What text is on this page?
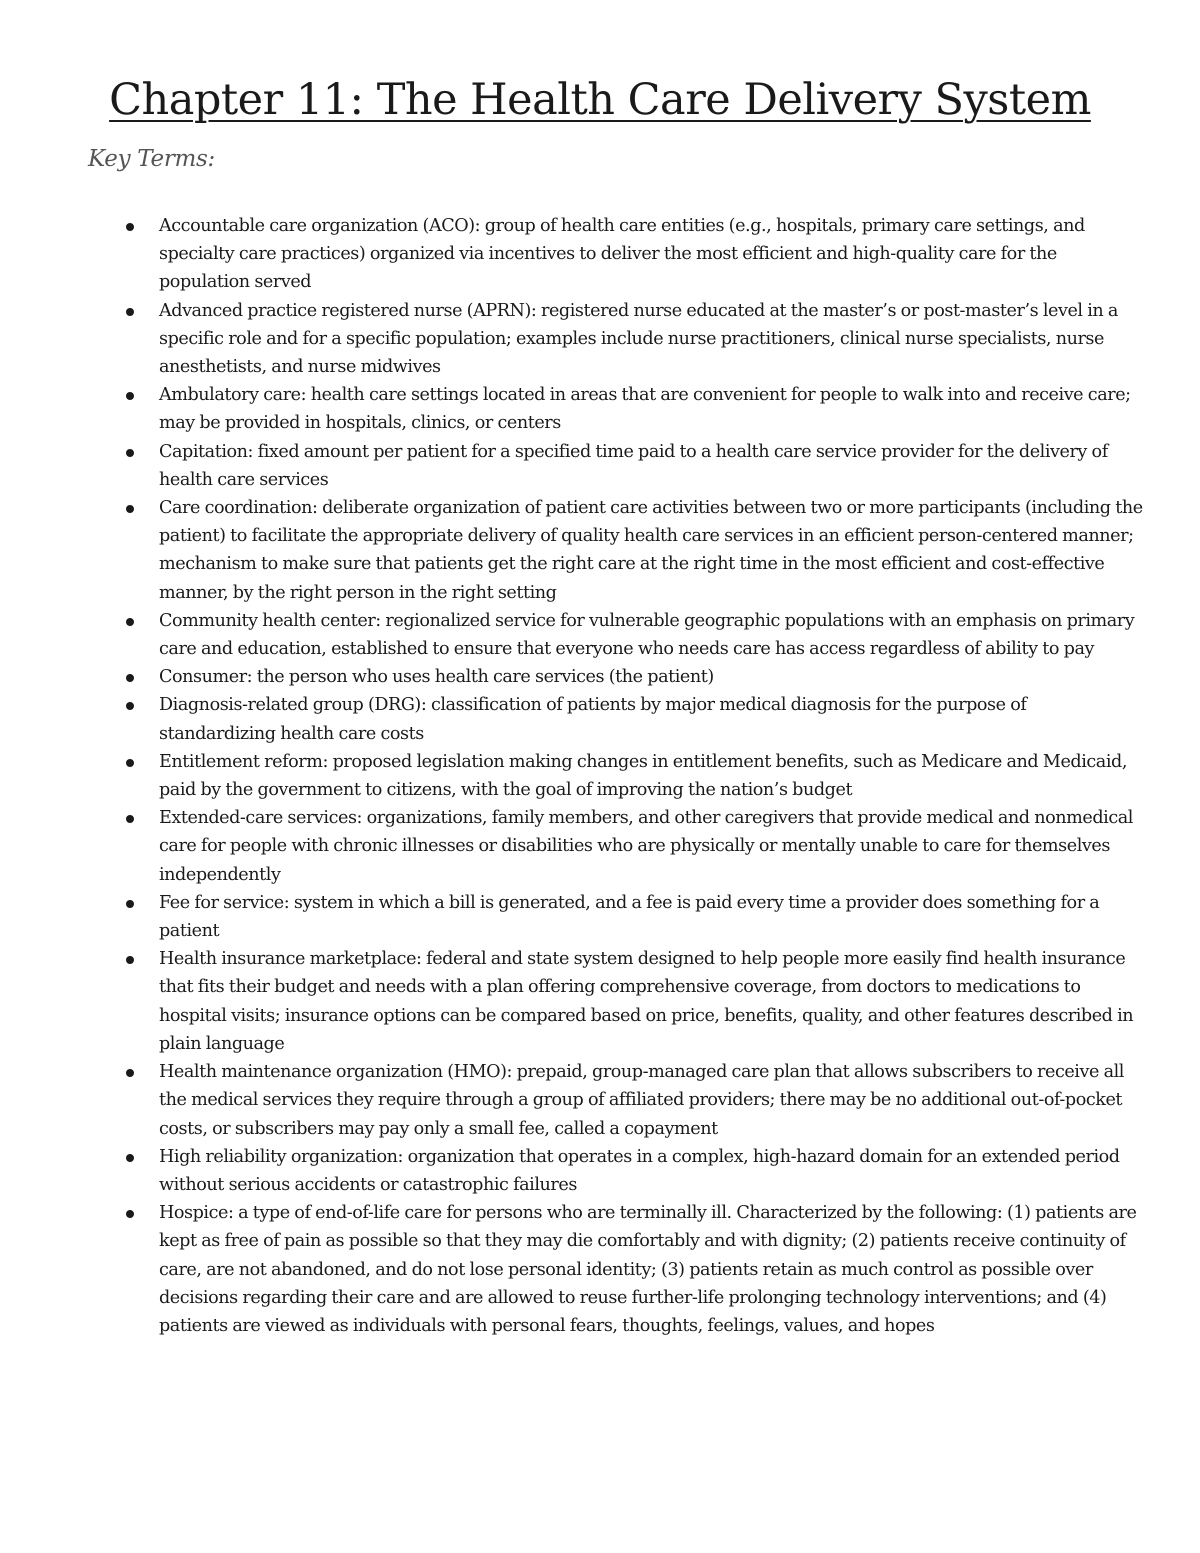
Chapter 11: The Health Care Delivery System
Key Terms:
Accountable care organization (ACO): group of health care entities (e.g., hospitals, primary care settings, and specialty care practices) organized via incentives to deliver the most efficient and high-quality care for the population served
Advanced practice registered nurse (APRN): registered nurse educated at the master’s or post-master’s level in a specific role and for a specific population; examples include nurse practitioners, clinical nurse specialists, nurse anesthetists, and nurse midwives
Ambulatory care: health care settings located in areas that are convenient for people to walk into and receive care; may be provided in hospitals, clinics, or centers
Capitation: fixed amount per patient for a specified time paid to a health care service provider for the delivery of health care services
Care coordination: deliberate organization of patient care activities between two or more participants (including the patient) to facilitate the appropriate delivery of quality health care services in an efficient person-centered manner; mechanism to make sure that patients get the right care at the right time in the most efficient and cost-effective manner, by the right person in the right setting
Community health center: regionalized service for vulnerable geographic populations with an emphasis on primary care and education, established to ensure that everyone who needs care has access regardless of ability to pay
Consumer: the person who uses health care services (the patient)
Diagnosis-related group (DRG): classification of patients by major medical diagnosis for the purpose of standardizing health care costs
Entitlement reform: proposed legislation making changes in entitlement benefits, such as Medicare and Medicaid, paid by the government to citizens, with the goal of improving the nation’s budget
Extended-care services: organizations, family members, and other caregivers that provide medical and nonmedical care for people with chronic illnesses or disabilities who are physically or mentally unable to care for themselves independently
Fee for service: system in which a bill is generated, and a fee is paid every time a provider does something for a patient
Health insurance marketplace: federal and state system designed to help people more easily find health insurance that fits their budget and needs with a plan offering comprehensive coverage, from doctors to medications to hospital visits; insurance options can be compared based on price, benefits, quality, and other features described in plain language
Health maintenance organization (HMO): prepaid, group-managed care plan that allows subscribers to receive all the medical services they require through a group of affiliated providers; there may be no additional out-of-pocket costs, or subscribers may pay only a small fee, called a copayment
High reliability organization: organization that operates in a complex, high-hazard domain for an extended period without serious accidents or catastrophic failures
Hospice: a type of end-of-life care for persons who are terminally ill. Characterized by the following: (1) patients are kept as free of pain as possible so that they may die comfortably and with dignity; (2) patients receive continuity of care, are not abandoned, and do not lose personal identity; (3) patients retain as much control as possible over decisions regarding their care and are allowed to reuse further-life prolonging technology interventions; and (4) patients are viewed as individuals with personal fears, thoughts, feelings, values, and hopes
